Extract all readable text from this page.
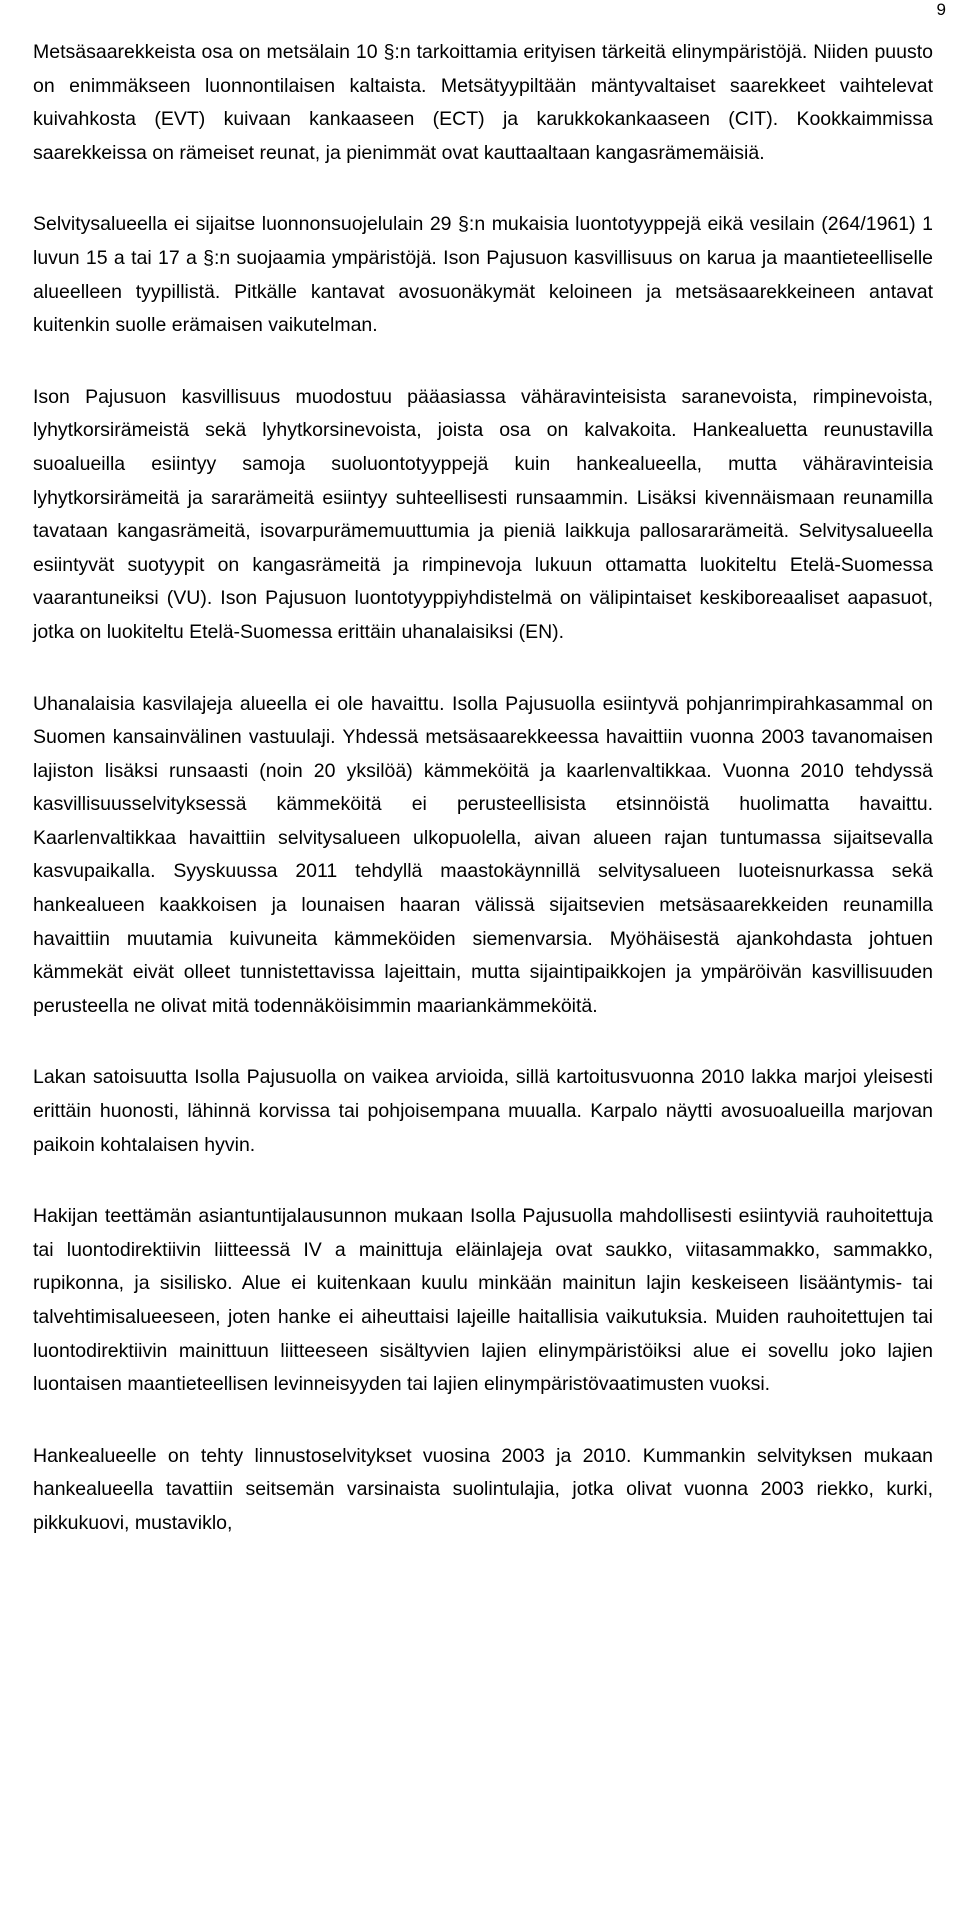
9

Metsäsaarekkeista osa on metsälain 10 §:n tarkoittamia erityisen tärkeitä elinympäristöjä. Niiden puusto on enimmäkseen luonnontilaisen kaltaista. Metsätyypiltään mäntyvaltaiset saarekkeet vaihtelevat kuivahkosta (EVT) kuivaan kankaaseen (ECT) ja karukkokankaaseen (CIT). Kookkaimmissa saarekkeissa on rämeiset reunat, ja pienimmät ovat kauttaaltaan kangasrämemäisiä.

Selvitysalueella ei sijaitse luonnonsuojelulain 29 §:n mukaisia luontotyyppejä eikä vesilain (264/1961) 1 luvun 15 a tai 17 a §:n suojaamia ympäristöjä. Ison Pajusuon kasvillisuus on karua ja maantieteelliselle alueelleen tyypillistä. Pitkälle kantavat avosuonäkymät keloineen ja metsäsaarekkeineen antavat kuitenkin suolle erämaisen vaikutelman.

Ison Pajusuon kasvillisuus muodostuu pääasiassa vähäravinteisista saranevoista, rimpinevoista, lyhytkorsirämeistä sekä lyhytkorsinevoista, joista osa on kalvakoita. Hankealuetta reunustavilla suoalueilla esiintyy samoja suoluontotyyppejä kuin hankealueella, mutta vähäravinteisia lyhytkorsirämeitä ja sararämeitä esiintyy suhteellisesti runsaammin. Lisäksi kivennäismaan reunamilla tavataan kangasrämeitä, isovarpurämemuuttumia ja pieniä laikkuja pallosararämeitä. Selvitysalueella esiintyvät suotyypit on kangasrämeitä ja rimpinevoja lukuun ottamatta luokiteltu Etelä-Suomessa vaarantuneiksi (VU). Ison Pajusuon luontotyyppiyhdistelmä on välipintaiset keskiboreaaliset aapasuot, jotka on luokiteltu Etelä-Suomessa erittäin uhanalaisiksi (EN).

Uhanalaisia kasvilajeja alueella ei ole havaittu. Isolla Pajusuolla esiintyvä pohjanrimpirahkasammal on Suomen kansainvälinen vastuulaji. Yhdessä metsäsaarekkeessa havaittiin vuonna 2003 tavanomaisen lajiston lisäksi runsaasti (noin 20 yksilöä) kämmeköitä ja kaarlenvaltikkaa. Vuonna 2010 tehdyssä kasvillisuusselvityksessä kämmeköitä ei perusteellisista etsinnöistä huolimatta havaittu. Kaarlenvaltikkaa havaittiin selvitysalueen ulkopuolella, aivan alueen rajan tuntumassa sijaitsevalla kasvupaikalla. Syyskuussa 2011 tehdyllä maastokäynnillä selvitysalueen luoteisnurkassa sekä hankealueen kaakkoisen ja lounaisen haaran välissä sijaitsevien metsäsaarekkeiden reunamilla havaittiin muutamia kuivuneita kämmeköiden siemenvarsia. Myöhäisestä ajankohdasta johtuen kämmekät eivät olleet tunnistettavissa lajeittain, mutta sijaintipaikkojen ja ympäröivän kasvillisuuden perusteella ne olivat mitä todennäköisimmin maariankämmeköitä.

Lakan satoisuutta Isolla Pajusuolla on vaikea arvioida, sillä kartoitusvuonna 2010 lakka marjoi yleisesti erittäin huonosti, lähinnä korvissa tai pohjoisempana muualla. Karpalo näytti avosuoalueilla marjovan paikoin kohtalaisen hyvin.

Hakijan teettämän asiantuntijalausunnon mukaan Isolla Pajusuolla mahdollisesti esiintyviä rauhoitettuja tai luontodirektiivin liitteessä IV a mainittuja eläinlajeja ovat saukko, viitasammakko, sammakko, rupikonna, ja sisilisko. Alue ei kuitenkaan kuulu minkään mainitun lajin keskeiseen lisääntymis- tai talvehtimisalueeseen, joten hanke ei aiheuttaisi lajeille haitallisia vaikutuksia. Muiden rauhoitettujen tai luontodirektiivin mainittuun liitteeseen sisältyvien lajien elinympäristöiksi alue ei sovellu joko lajien luontaisen maantieteellisen levinneisyyden tai lajien elinympäristövaatimusten vuoksi.

Hankealueelle on tehty linnustoselvitykset vuosina 2003 ja 2010. Kummankin selvityksen mukaan hankealueella tavattiin seitsemän varsinaista suolintulajia, jotka olivat vuonna 2003 riekko, kurki, pikkukuovi, mustaviklo,
